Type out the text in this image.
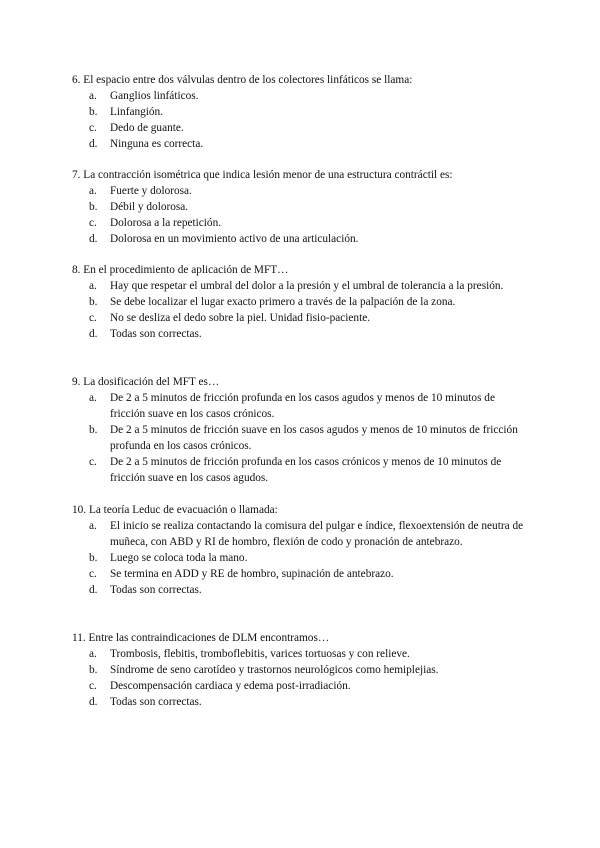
6. El espacio entre dos válvulas dentro de los colectores linfáticos se llama:

a. Ganglios linfáticos.
b. Linfangión.
c. Dedo de guante.
d. Ninguna es correcta.

7. La contracción isométrica que indica lesión menor de una estructura contráctil es:

a. Fuerte y dolorosa.
b. Débil y dolorosa.
c. Dolorosa a la repetición.
d. Dolorosa en un movimiento activo de una articulación.

8. En el procedimiento de aplicación de MFT…

a. Hay que respetar el umbral del dolor a la presión y el umbral de tolerancia a la presión.
b. Se debe localizar el lugar exacto primero a través de la palpación de la zona.
c. No se desliza el dedo sobre la piel. Unidad fisio-paciente.
d. Todas son correctas.

9. La dosificación del MFT es…

a. De 2 a 5 minutos de fricción profunda en los casos agudos y menos de 10 minutos de fricción suave en los casos crónicos.
b. De 2 a 5 minutos de fricción suave en los casos agudos y menos de 10 minutos de fricción profunda en los casos crónicos.
c. De 2 a 5 minutos de fricción profunda en los casos crónicos y menos de 10 minutos de fricción suave en los casos agudos.

10. La teoría Leduc de evacuación o llamada:

a. El inicio se realiza contactando la comisura del pulgar e índice, flexoextensión de neutra de muñeca, con ABD y RI de hombro, flexión de codo y pronación de antebrazo.
b. Luego se coloca toda la mano.
c. Se termina en ADD y RE de hombro, supinación de antebrazo.
d. Todas son correctas.

11. Entre las contraindicaciones de DLM encontramos…

a. Trombosis, flebitis, tromboflebitis, varices tortuosas y con relieve.
b. Síndrome de seno carotídeo y trastornos neurológicos como hemiplejias.
c. Descompensación cardiaca y edema post-irradiación.
d. Todas son correctas.
